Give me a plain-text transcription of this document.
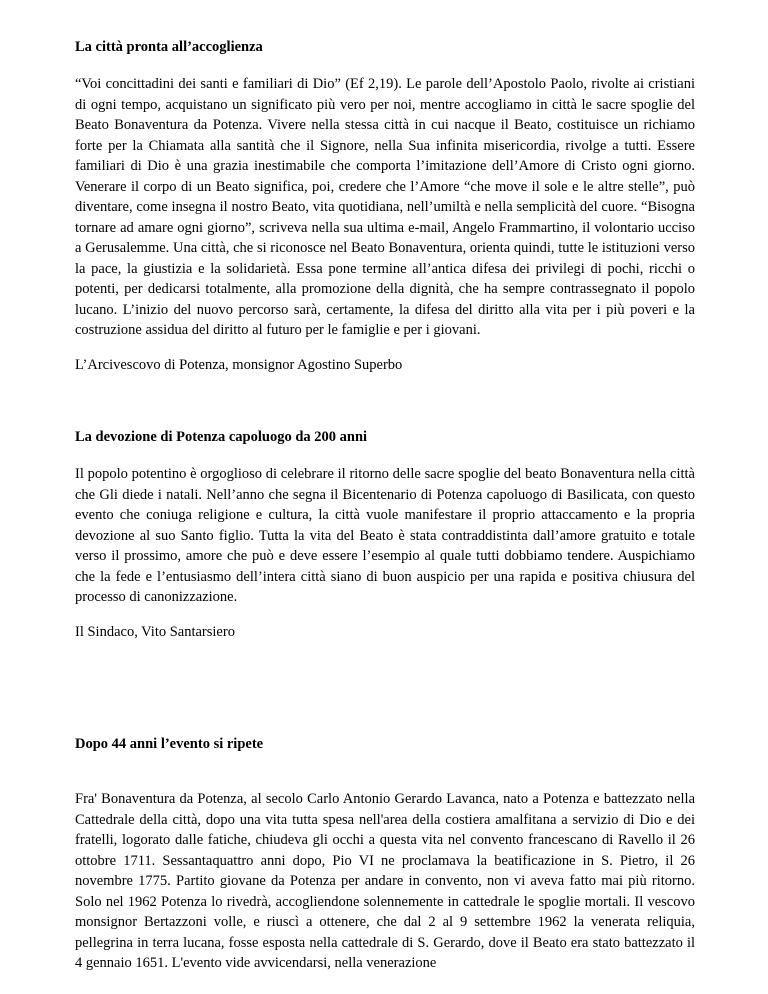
La città pronta all’accoglienza

“Voi concittadini dei santi e familiari di Dio” (Ef 2,19). Le parole dell’Apostolo Paolo, rivolte ai cristiani di ogni tempo, acquistano un significato più vero per noi, mentre accogliamo in città le sacre spoglie del Beato Bonaventura da Potenza. Vivere nella stessa città in cui nacque il Beato, costituisce un richiamo forte per la Chiamata alla santità che il Signore, nella Sua infinita misericordia, rivolge a tutti. Essere familiari di Dio è una grazia inestimabile che comporta l’imitazione dell’Amore di Cristo ogni giorno. Venerare il corpo di un Beato significa, poi, credere che l’Amore “che move il sole e le altre stelle”, può diventare, come insegna il nostro Beato, vita quotidiana, nell’umiltà e nella semplicità del cuore. “Bisogna tornare ad amare ogni giorno”, scriveva nella sua ultima e-mail, Angelo Frammartino, il volontario ucciso a Gerusalemme. Una città, che si riconosce nel Beato Bonaventura, orienta quindi, tutte le istituzioni verso la pace, la giustizia e la solidarietà. Essa pone termine all’antica difesa dei privilegi di pochi, ricchi o potenti, per dedicarsi totalmente, alla promozione della dignità, che ha sempre contrassegnato il popolo lucano. L’inizio del nuovo percorso sarà, certamente, la difesa del diritto alla vita per i più poveri e la costruzione assidua del diritto al futuro per le famiglie e per i giovani.

L’Arcivescovo di Potenza, monsignor Agostino Superbo
La devozione di Potenza capoluogo da 200 anni

Il popolo potentino è orgoglioso di celebrare il ritorno delle sacre spoglie del beato Bonaventura nella città che Gli diede i natali. Nell’anno che segna il Bicentenario di Potenza capoluogo di Basilicata, con questo evento che coniuga religione e cultura, la città vuole manifestare il proprio attaccamento e la propria devozione al suo Santo figlio. Tutta la vita del Beato è stata contraddistinta dall’amore gratuito e totale verso il prossimo, amore che può e deve essere l’esempio al quale tutti dobbiamo tendere. Auspichiamo che la fede e l’entusiasmo dell’intera città siano di buon auspicio per una rapida e positiva chiusura del processo di canonizzazione.

Il Sindaco, Vito Santarsiero
Dopo 44 anni l’evento si ripete

Fra' Bonaventura da Potenza, al secolo Carlo Antonio Gerardo Lavanca, nato a Potenza e battezzato nella Cattedrale della città, dopo una vita tutta spesa nell'area della costiera amalfitana a servizio di Dio e dei fratelli, logorato dalle fatiche, chiudeva gli occhi a questa vita nel convento francescano di Ravello il 26 ottobre 1711. Sessantaquattro anni dopo, Pio VI ne proclamava la beatificazione in S. Pietro, il 26 novembre 1775. Partito giovane da Potenza per andare in convento, non vi aveva fatto mai più ritorno. Solo nel 1962 Potenza lo rivedrà, accogliendone solennemente in cattedrale le spoglie mortali. Il vescovo monsignor Bertazzoni volle, e riuscì a ottenere, che dal 2 al 9 settembre 1962 la venerata reliquia, pellegrina in terra lucana, fosse esposta nella cattedrale di S. Gerardo, dove il Beato era stato battezzato il 4 gennaio 1651. L'evento vide avvicendarsi, nella venerazione
